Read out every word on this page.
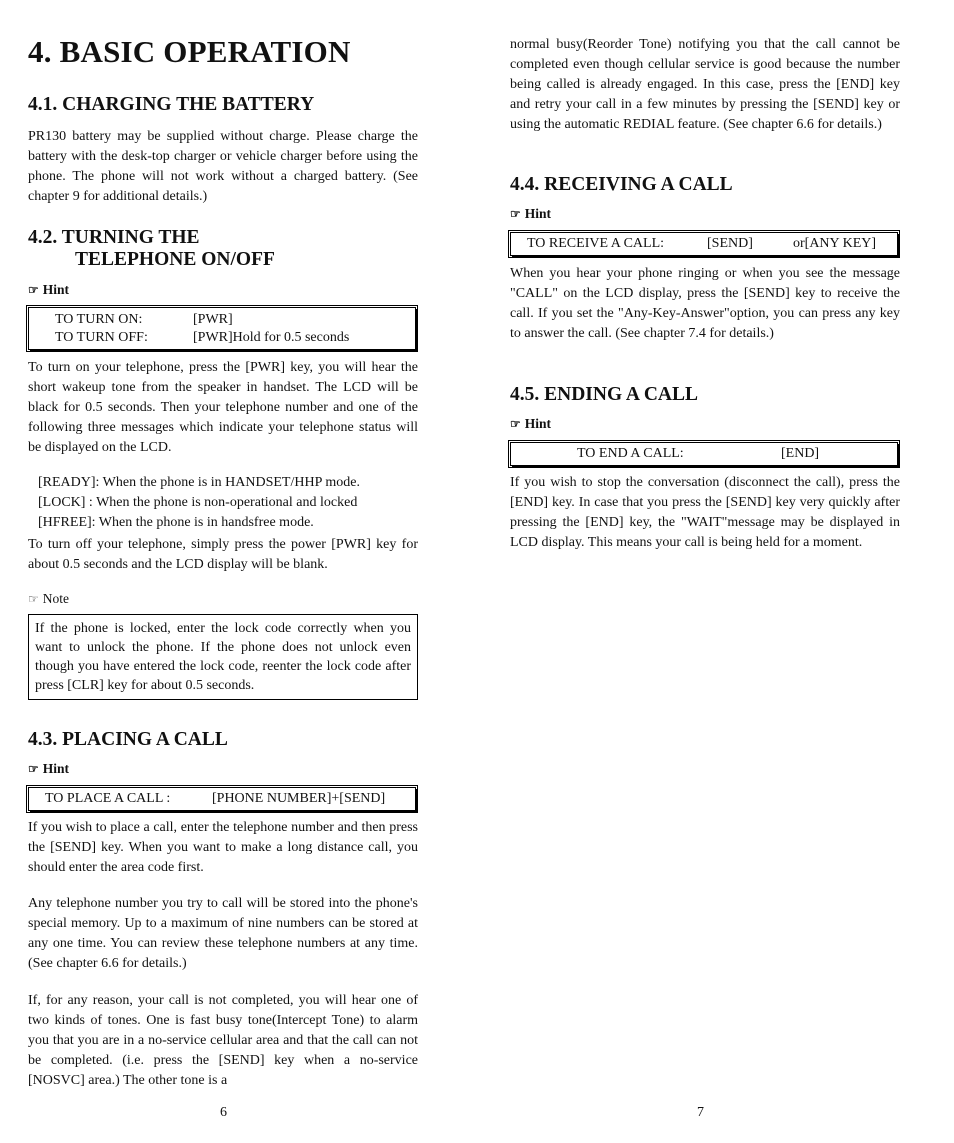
4. BASIC OPERATION
4.1. CHARGING THE BATTERY

PR130 battery may be supplied without charge. Please charge the battery with the desk-top charger or vehicle charger before using the phone. The phone will not work without a charged battery. (See chapter 9 for additional details.)

4.2. TURNING THE
TELEPHONE ON/OFF
☞ Hint
TO TURN ON:	[PWR]
TO TURN OFF:	[PWR]Hold for 0.5 seconds

To turn on your telephone, press the [PWR] key, you will hear the short wakeup tone from the speaker in handset. The LCD will be black for 0.5 seconds. Then your telephone number and one of the following three messages which indicate your telephone status will be displayed on the LCD.

[READY]: When the phone is in HANDSET/HHP mode.
[LOCK] : When the phone is non-operational and locked
[HFREE]: When the phone is in handsfree mode.

To turn off your telephone, simply press the power [PWR] key for about 0.5 seconds and the LCD display will be blank.

☞ Note
If the phone is locked, enter the lock code correctly when you want to unlock the phone. If the phone does not unlock even though you have entered the lock code, reenter the lock code after press [CLR] key for about 0.5 seconds.
4.3. PLACING A CALL
☞ Hint
TO PLACE A CALL :	[PHONE NUMBER]+[SEND]

If you wish to place a call, enter the telephone number and then press the [SEND] key. When you want to make a long distance call, you should enter the area code first.

Any telephone number you try to call will be stored into the phone's special memory. Up to a maximum of nine numbers can be stored at any one time. You can review these telephone numbers at any time. (See chapter 6.6 for details.)

If, for any reason, your call is not completed, you will hear one of two kinds of tones. One is fast busy tone(Intercept Tone) to alarm you that you are in a no-service cellular area and that the call can not be completed. (i.e. press the [SEND] key when a no-service [NOSVC] area.) The other tone is a

6

normal busy(Reorder Tone) notifying you that the call cannot be completed even though cellular service is good because the number being called is already engaged. In this case, press the [END] key and retry your call in a few minutes by pressing the [SEND] key or using the automatic REDIAL feature. (See chapter 6.6 for details.)

4.4. RECEIVING A CALL
☞ Hint
TO RECEIVE A CALL:	[SEND]	or[ANY KEY]

When you hear your phone ringing or when you see the message "CALL" on the LCD display, press the [SEND] key to receive the call. If you set the "Any-Key-Answer"option, you can press any key to answer the call. (See chapter 7.4 for details.)

4.5. ENDING A CALL
☞ Hint
TO END A CALL:	[END]

If you wish to stop the conversation (disconnect the call), press the [END] key. In case that you press the [SEND] key very quickly after pressing the [END] key, the "WAIT"message may be displayed in LCD display. This means your call is being held for a moment.

7
